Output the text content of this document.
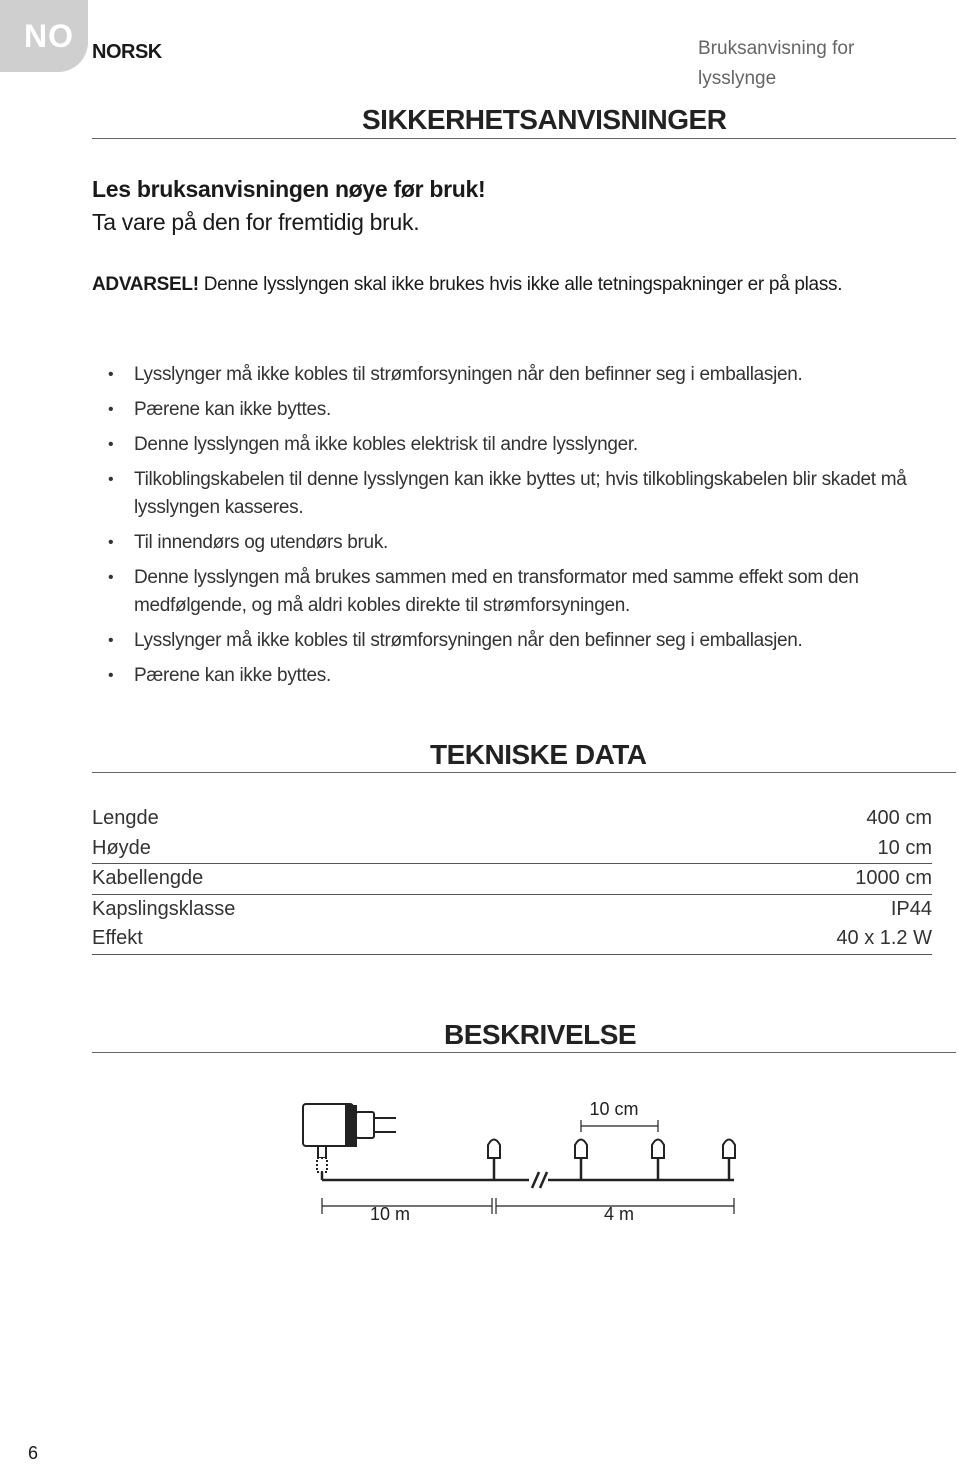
NO NORSK	Bruksanvisning for
lysslynge
SIKKERHETSANVISNINGER
Les bruksanvisningen nøye før bruk!
Ta vare på den for fremtidig bruk.
ADVARSEL! Denne lysslyngen skal ikke brukes hvis ikke alle tetningspakninger er på plass.
• Lysslynger må ikke kobles til strømforsyningen når den befinner seg i emballasjen.
• Pærene kan ikke byttes.
• Denne lysslyngen må ikke kobles elektrisk til andre lysslynger.
• Tilkoblingskabelen til denne lysslyngen kan ikke byttes ut; hvis tilkoblingskabelen blir skadet må lysslyngen kasseres.
• Til innendørs og utendørs bruk.
• Denne lysslyngen må brukes sammen med en transformator med samme effekt som den medfølgende, og må aldri kobles direkte til strømforsyningen.
• Lysslynger må ikke kobles til strømforsyningen når den befinner seg i emballasjen.
• Pærene kan ikke byttes.
TEKNISKE DATA
Lengde	400 cm
Høyde	10 cm
Kabellengde	1000 cm
Kapslingsklasse	IP44
Effekt	40 x 1.2 W
BESKRIVELSE
10 cm
10 m	4 m
6
